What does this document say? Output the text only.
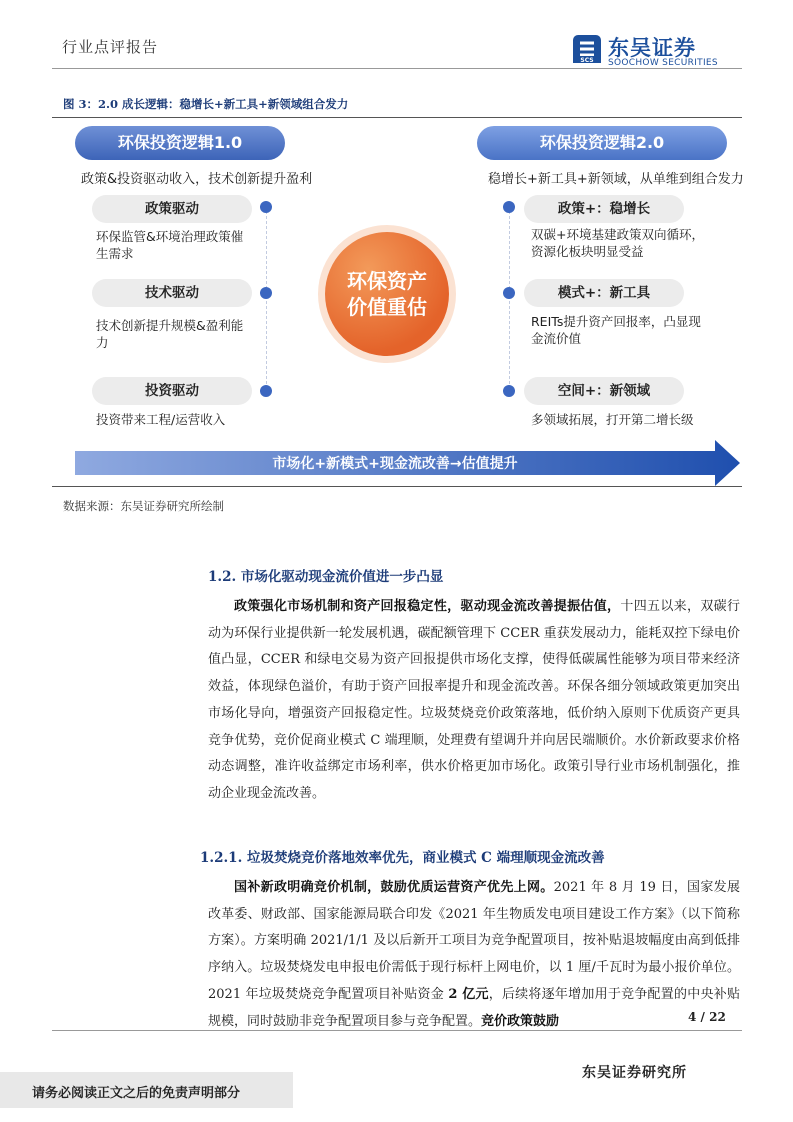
行业点评报告
SCS
东吴证券
SOOCHOW SECURITIES
图 3：2.0 成长逻辑：稳增长+新工具+新领域组合发力
环保投资逻辑1.0	环保投资逻辑2.0
政策&投资驱动收入，技术创新提升盈利	稳增长+新工具+新领域，从单维到组合发力
政策驱动
环保监管&环境治理政策催生需求
技术驱动
技术创新提升规模&盈利能力
投资驱动
投资带来工程/运营收入
政策+：稳增长
双碳+环境基建政策双向循环，资源化板块明显受益
模式+：新工具
REITs提升资产回报率，凸显现金流价值
空间+：新领域
多领域拓展，打开第二增长级
环保资产
价值重估
市场化+新模式+现金流改善→估值提升
数据来源：东吴证券研究所绘制
1.2. 市场化驱动现金流价值进一步凸显
政策强化市场机制和资产回报稳定性，驱动现金流改善提振估值，十四五以来，双碳行动为环保行业提供新一轮发展机遇，碳配额管理下 CCER 重获发展动力，能耗双控下绿电价值凸显，CCER 和绿电交易为资产回报提供市场化支撑，使得低碳属性能够为项目带来经济效益，体现绿色溢价，有助于资产回报率提升和现金流改善。环保各细分领域政策更加突出市场化导向，增强资产回报稳定性。垃圾焚烧竞价政策落地，低价纳入原则下优质资产更具竞争优势，竞价促商业模式 C 端理顺，处理费有望调升并向居民端顺价。水价新政要求价格动态调整，准许收益绑定市场利率，供水价格更加市场化。政策引导行业市场机制强化，推动企业现金流改善。
1.2.1. 垃圾焚烧竞价落地效率优先，商业模式 C 端理顺现金流改善
国补新政明确竞价机制，鼓励优质运营资产优先上网。2021 年 8 月 19 日，国家发展改革委、财政部、国家能源局联合印发《2021 年生物质发电项目建设工作方案》（以下简称方案）。方案明确 2021/1/1 及以后新开工项目为竞争配置项目，按补贴退坡幅度由高到低排序纳入。垃圾焚烧发电申报电价需低于现行标杆上网电价，以 1 厘/千瓦时为最小报价单位。2021 年垃圾焚烧竞争配置项目补贴资金 2 亿元，后续将逐年增加用于竞争配置的中央补贴规模，同时鼓励非竞争配置项目参与竞争配置。竞价政策鼓励	4 / 22
东吴证券研究所
请务必阅读正文之后的免责声明部分
